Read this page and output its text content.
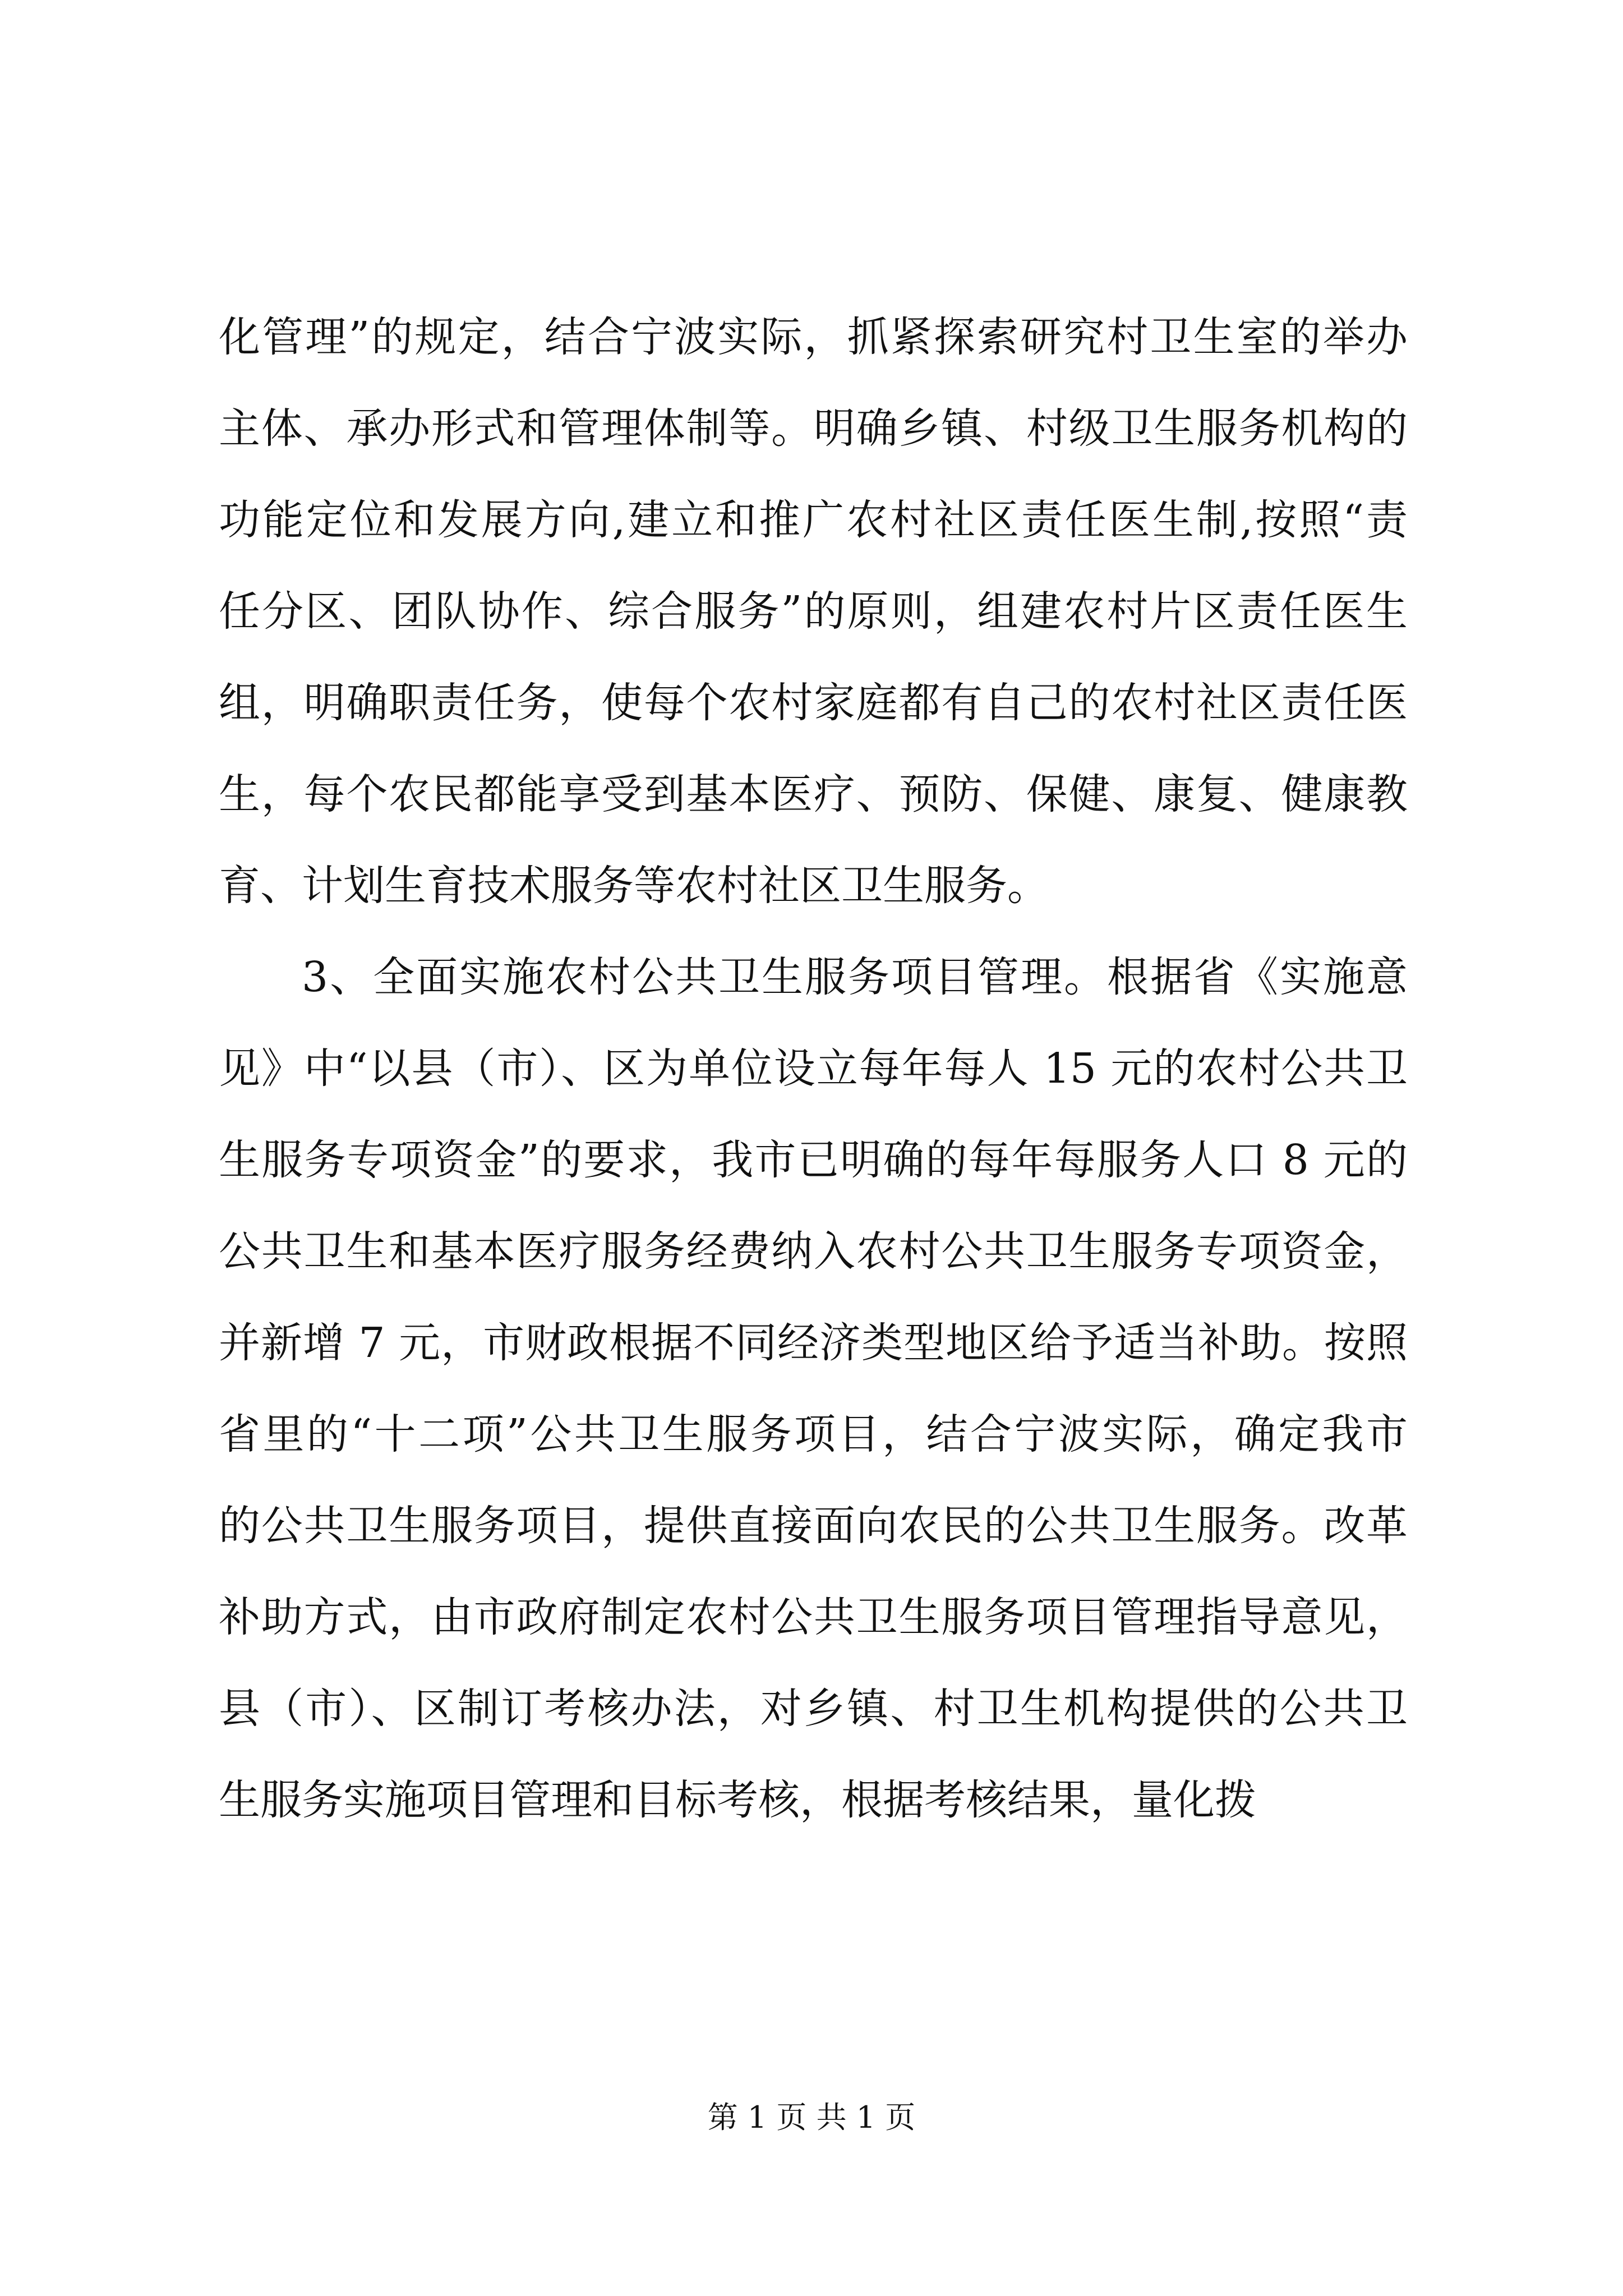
化管理”的规定，结合宁波实际，抓紧探索研究村卫生室的举办
主体、承办形式和管理体制等。明确乡镇、村级卫生服务机构的
功能定位和发展方向,建立和推广农村社区责任医生制,按照“责
任分区、团队协作、综合服务”的原则，组建农村片区责任医生
组，明确职责任务，使每个农村家庭都有自己的农村社区责任医
生，每个农民都能享受到基本医疗、预防、保健、康复、健康教
育、计划生育技术服务等农村社区卫生服务。
3、全面实施农村公共卫生服务项目管理。根据省《实施意
见》中“以县（市）、区为单位设立每年每人 15 元的农村公共卫
生服务专项资金”的要求，我市已明确的每年每服务人口 8 元的
公共卫生和基本医疗服务经费纳入农村公共卫生服务专项资金，
并新增 7 元，市财政根据不同经济类型地区给予适当补助。按照
省里的“十二项”公共卫生服务项目，结合宁波实际，确定我市
的公共卫生服务项目，提供直接面向农民的公共卫生服务。改革
补助方式，由市政府制定农村公共卫生服务项目管理指导意见，
县（市）、区制订考核办法，对乡镇、村卫生机构提供的公共卫
生服务实施项目管理和目标考核，根据考核结果，量化拨
第 1 页 共 1 页
